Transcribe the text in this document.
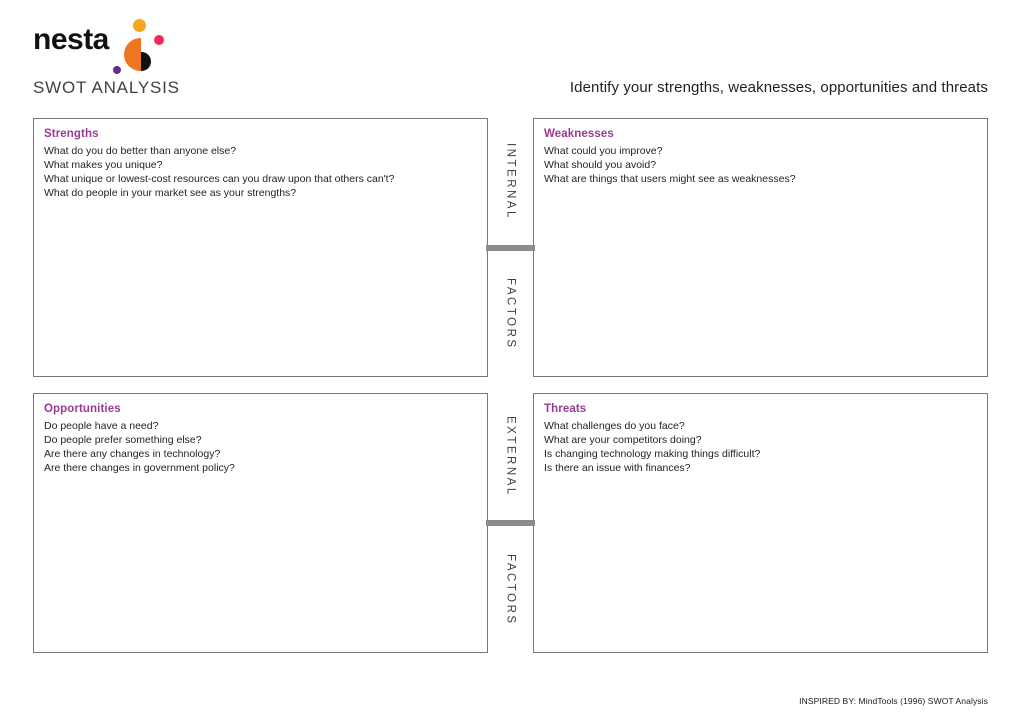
nesta
SWOT ANALYSIS	Identify your strengths, weaknesses, opportunities and threats

Strengths

What do you do better than anyone else?

What makes you unique?

What unique or lowest-cost resources can you draw upon that others can't?

What do people in your market see as your strengths?	INTERNAL
FACTORS
Weaknesses

What could you improve?

What should you avoid?

What are things that users might see as weaknesses?

Opportunities

Do people have a need?

Do people prefer something else?

Are there any changes in technology?

Are there changes in government policy?	EXTERNAL
FACTORS
Threats

What challenges do you face?

What are your competitors doing?

Is changing technology making things difficult?

Is there an issue with finances?

INSPIRED BY: MindTools (1996) SWOT Analysis
